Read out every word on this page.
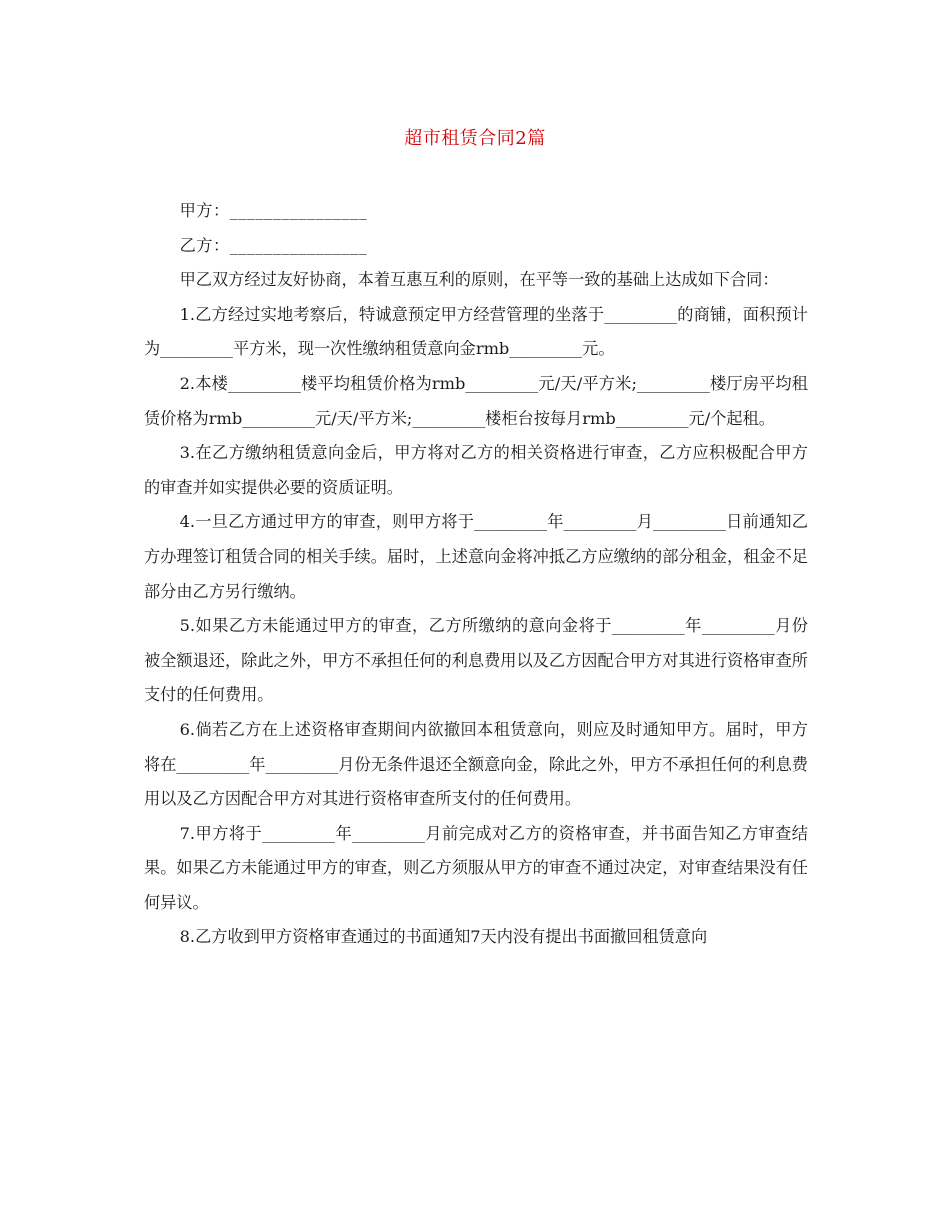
超市租赁合同2篇

甲方：________________

乙方：________________

甲乙双方经过友好协商，本着互惠互利的原则，在平等一致的基础上达成如下合同：

1.乙方经过实地考察后，特诚意预定甲方经营管理的坐落于_________的商铺，面积预计为_________平方米，现一次性缴纳租赁意向金rmb_________元。

2.本楼_________楼平均租赁价格为rmb_________元/天/平方米;_________楼厅房平均租赁价格为rmb_________元/天/平方米;_________楼柜台按每月rmb_________元/个起租。

3.在乙方缴纳租赁意向金后，甲方将对乙方的相关资格进行审查，乙方应积极配合甲方的审查并如实提供必要的资质证明。

4.一旦乙方通过甲方的审查，则甲方将于_________年_________月_________日前通知乙方办理签订租赁合同的相关手续。届时，上述意向金将冲抵乙方应缴纳的部分租金，租金不足部分由乙方另行缴纳。

5.如果乙方未能通过甲方的审查，乙方所缴纳的意向金将于_________年_________月份被全额退还，除此之外，甲方不承担任何的利息费用以及乙方因配合甲方对其进行资格审查所支付的任何费用。

6.倘若乙方在上述资格审查期间内欲撤回本租赁意向，则应及时通知甲方。届时，甲方将在_________年_________月份无条件退还全额意向金，除此之外，甲方不承担任何的利息费用以及乙方因配合甲方对其进行资格审查所支付的任何费用。

7.甲方将于_________年_________月前完成对乙方的资格审查，并书面告知乙方审查结果。如果乙方未能通过甲方的审查，则乙方须服从甲方的审查不通过决定，对审查结果没有任何异议。

8.乙方收到甲方资格审查通过的书面通知7天内没有提出书面撤回租赁意向
